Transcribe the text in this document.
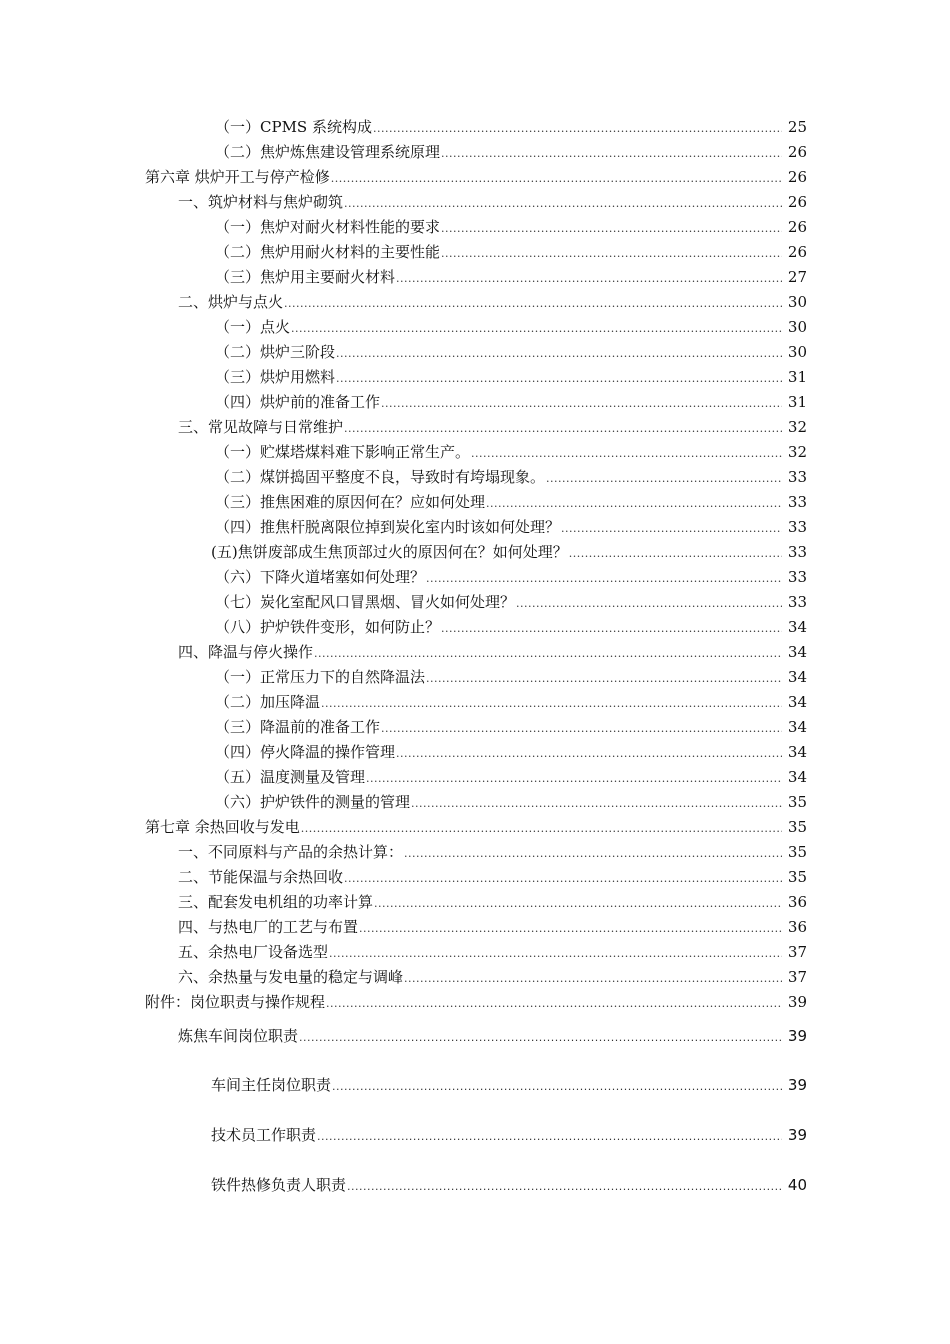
（一）CPMS 系统构成 .....	25
（二）焦炉炼焦建设管理系统原理 .....	26
第六章 烘炉开工与停产检修 .....	26
一、筑炉材料与焦炉砌筑 .....	26
（一）焦炉对耐火材料性能的要求 .....	26
（二）焦炉用耐火材料的主要性能 .....	26
（三）焦炉用主要耐火材料 .....	27
二、烘炉与点火 .....	30
（一）点火 .....	30
（二）烘炉三阶段 .....	30
（三）烘炉用燃料 .....	31
（四）烘炉前的准备工作 .....	31
三、常见故障与日常维护 .....	32
（一）贮煤塔煤料难下影响正常生产。 .....	32
（二）煤饼捣固平整度不良，导致时有垮塌现象。 .....	33
（三）推焦困难的原因何在？应如何处理 .....	33
（四）推焦杆脱离限位掉到炭化室内时该如何处理？ .....	33
(五)焦饼废部成生焦顶部过火的原因何在？如何处理？ .....	33
（六）下降火道堵塞如何处理？ .....	33
（七）炭化室配风口冒黑烟、冒火如何处理？ .....	33
（八）护炉铁件变形，如何防止？ .....	34
四、降温与停火操作 .....	34
（一）正常压力下的自然降温法 .....	34
（二）加压降温 .....	34
（三）降温前的准备工作 .....	34
（四）停火降温的操作管理 .....	34
（五）温度测量及管理 .....	34
（六）护炉铁件的测量的管理 .....	35
第七章 余热回收与发电 .....	35
一、不同原料与产品的余热计算： .....	35
二、节能保温与余热回收 .....	35
三、配套发电机组的功率计算 .....	36
四、与热电厂的工艺与布置 .....	36
五、余热电厂设备选型 .....	37
六、余热量与发电量的稳定与调峰 .....	37
附件：岗位职责与操作规程 .....	39
炼焦车间岗位职责 .....	39
车间主任岗位职责 .....	39
技术员工作职责 .....	39
铁件热修负责人职责 .....	40
